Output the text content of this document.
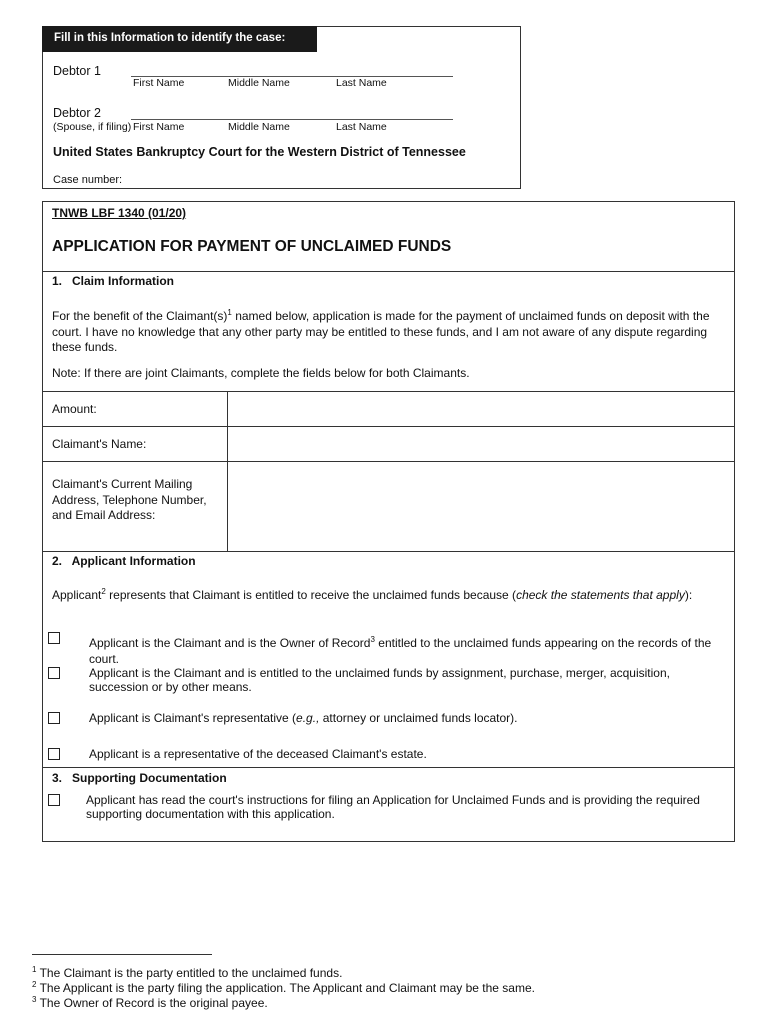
Fill in this Information to identify the case:
Debtor 1
First Name	Middle Name	Last Name
Debtor 2
(Spouse, if filing) First Name	Middle Name	Last Name
United States Bankruptcy Court for the Western District of Tennessee
Case number:
TNWB LBF 1340 (01/20)
APPLICATION FOR PAYMENT OF UNCLAIMED FUNDS
1.   Claim Information
For the benefit of the $Claimant(s)^1$ named below, application is made for the payment of unclaimed funds on deposit with the court. I have no knowledge that any other party may be entitled to these funds, and I am not aware of any dispute regarding these funds.
Note: If there are joint Claimants, complete the fields below for both Claimants.
Amount:
Claimant's Name:
Claimant's Current Mailing Address, Telephone Number, and Email Address:
2.   Applicant Information
Applicant$^2$ represents that Claimant is entitled to receive the unclaimed funds because (check the statements that apply):
Applicant is the Claimant and is the Owner of Record$^3$ entitled to the unclaimed funds appearing on the records of the court.
Applicant is the Claimant and is entitled to the unclaimed funds by assignment, purchase, merger, acquisition, succession or by other means.
Applicant is Claimant's representative (e.g., attorney or unclaimed funds locator).
Applicant is a representative of the deceased Claimant's estate.
3.   Supporting Documentation
Applicant has read the court's instructions for filing an Application for Unclaimed Funds and is providing the required supporting documentation with this application.
$^1$ The Claimant is the party entitled to the unclaimed funds.
$^2$ The Applicant is the party filing the application. The Applicant and Claimant may be the same.
$^3$ The Owner of Record is the original payee.
